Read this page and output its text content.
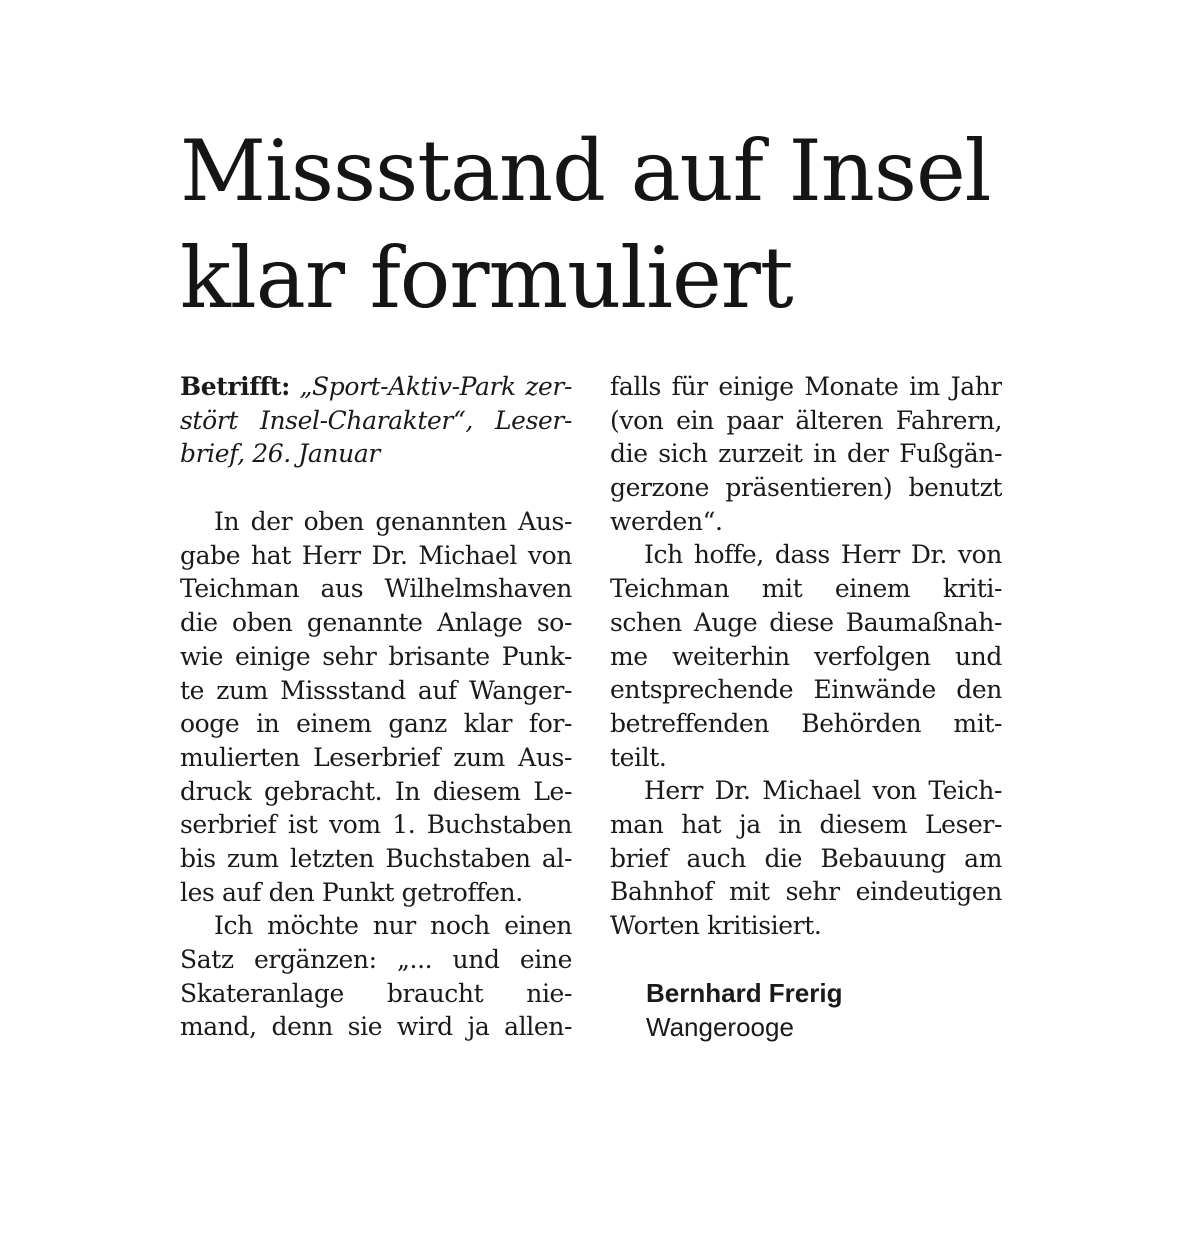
Missstand auf Insel
klar formuliert
Betrifft: „Sport-Aktiv-Park zer-
stört Insel-Charakter“, Leser-
brief, 26. Januar
In der oben genannten Aus-
gabe hat Herr Dr. Michael von
Teichman aus Wilhelmshaven
die oben genannte Anlage so-
wie einige sehr brisante Punk-
te zum Missstand auf Wanger-
ooge in einem ganz klar for-
mulierten Leserbrief zum Aus-
druck gebracht. In diesem Le-
serbrief ist vom 1. Buchstaben
bis zum letzten Buchstaben al-
les auf den Punkt getroffen.
Ich möchte nur noch einen
Satz ergänzen: „... und eine
Skateranlage braucht nie-
mand, denn sie wird ja allen-
falls für einige Monate im Jahr
(von ein paar älteren Fahrern,
die sich zurzeit in der Fußgän-
gerzone präsentieren) benutzt
werden“.
Ich hoffe, dass Herr Dr. von
Teichman mit einem kriti-
schen Auge diese Baumaßnah-
me weiterhin verfolgen und
entsprechende Einwände den
betreffenden Behörden mit-
teilt.
Herr Dr. Michael von Teich-
man hat ja in diesem Leser-
brief auch die Bebauung am
Bahnhof mit sehr eindeutigen
Worten kritisiert.
Bernhard Frerig
Wangerooge
